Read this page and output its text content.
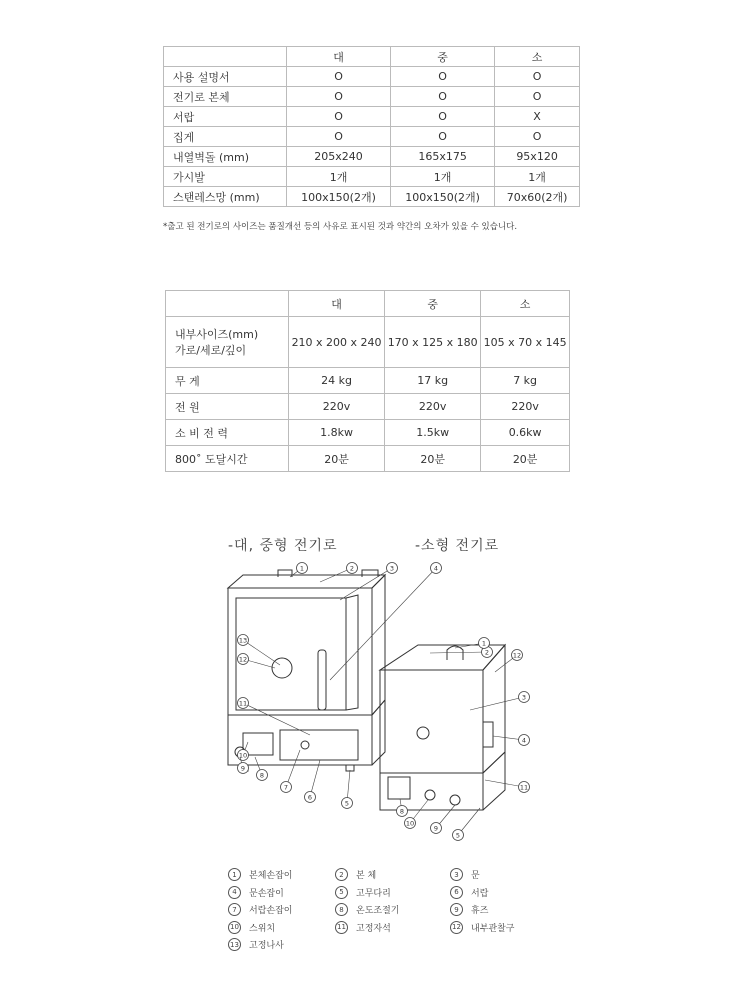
	대	중	소
사용 설명서	O	O	O
전기로 본체	O	O	O
서랍	O	O	X
집게	O	O	O
내열벽돌 (mm)	205x240	165x175	95x120
가시발	1개	1개	1개
스탠레스망 (mm)	100x150(2개)	100x150(2개)	70x60(2개)
*출고 된 전기로의 사이즈는 품질개선 등의 사유로 표시된 것과 약간의 오차가 있을 수 있습니다.
	대	중	소

내부사이즈(mm)
가로/세로/깊이	210 x 200 x 240	170 x 125 x 180	105 x 70 x 145
무 게	24 kg	17 kg	7 kg
전 원	220v	220v	220v
소 비 전 력	1.8kw	1.5kw	0.6kw
800˚ 도달시간	20분	20분	20분
-대, 중형 전기로	-소형 전기로
1	2	3	4
13
12
11
10
9
8
7
6
5
2
1
12
3
4
11
8
10
9
5
1	본체손잡이	2	본 체	3	문
4	문손잡이	5	고무다리	6	서랍
7	서랍손잡이	8	온도조절기	9	휴즈
10 스위치	11 고정자석	12 내부관찰구
13 고정나사
